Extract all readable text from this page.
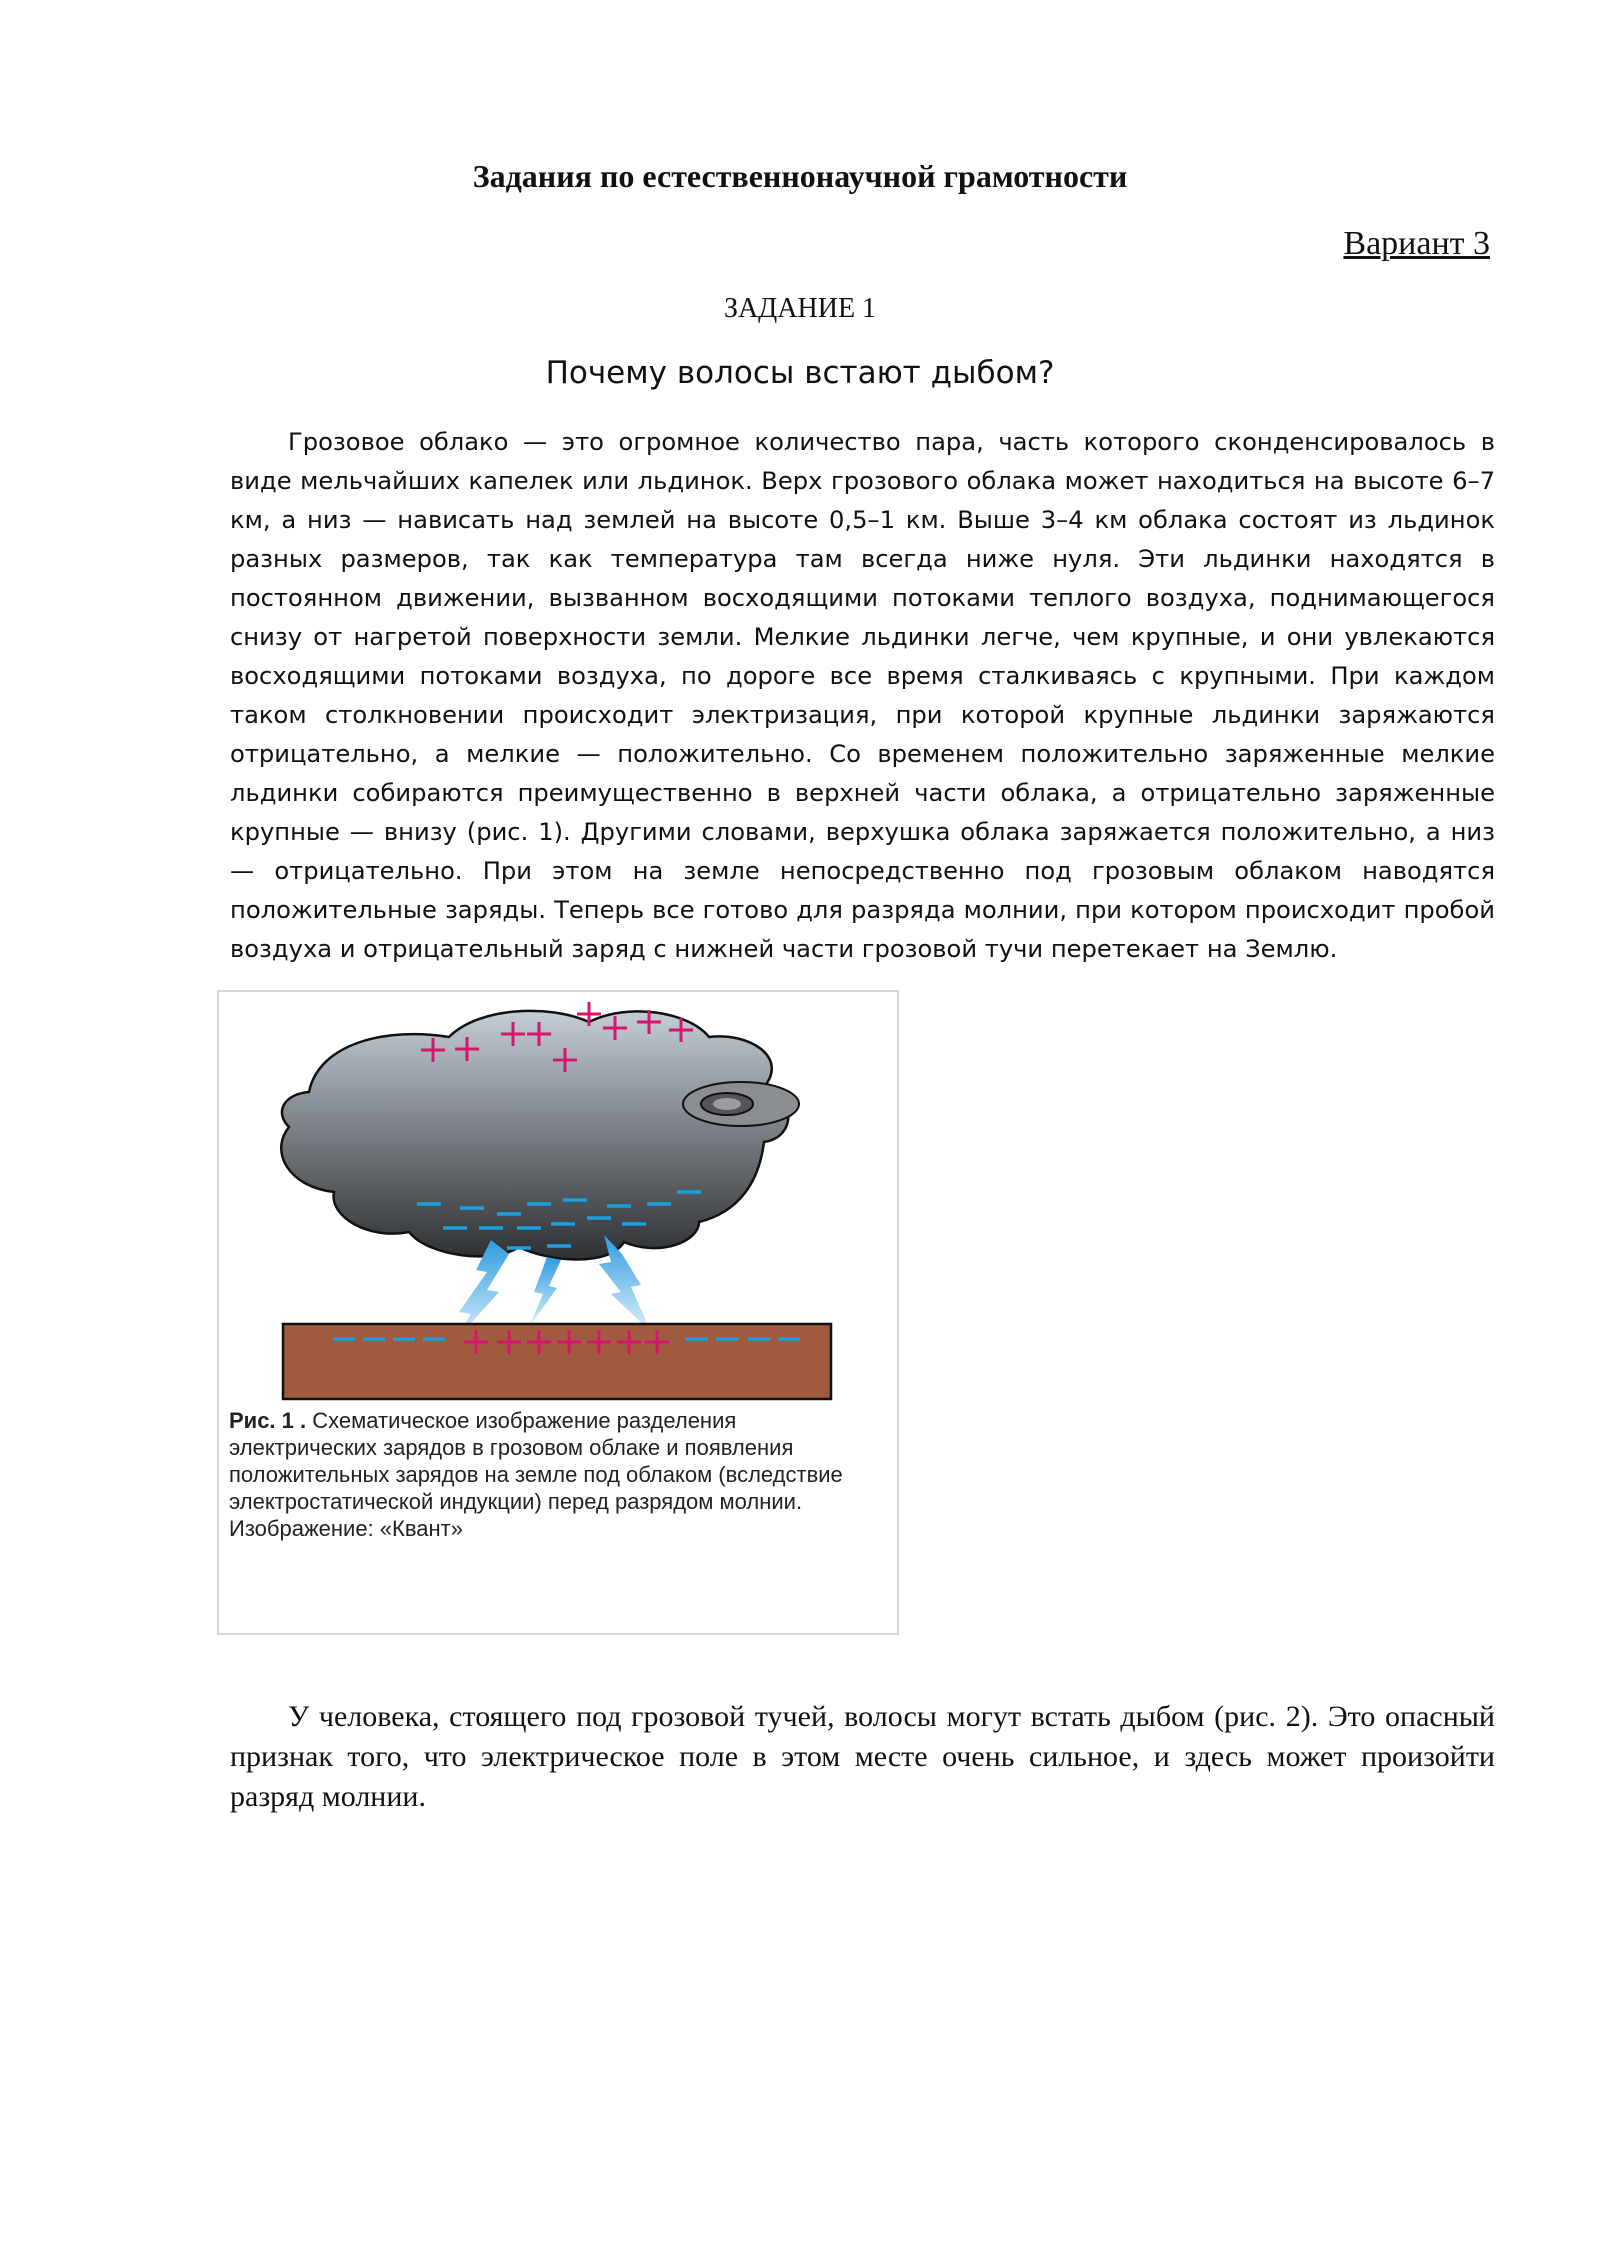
Задания по естественнонаучной грамотности

Вариант 3

ЗАДАНИЕ 1

Почему волосы встают дыбом?

Грозовое облако — это огромное количество пара, часть которого сконденсировалось в виде мельчайших капелек или льдинок. Верх грозового облака может находиться на высоте 6–7 км, а низ — нависать над землей на высоте 0,5–1 км. Выше 3–4 км облака состоят из льдинок разных размеров, так как температура там всегда ниже нуля. Эти льдинки находятся в постоянном движении, вызванном восходящими потоками теплого воздуха, поднимающегося снизу от нагретой поверхности земли. Мелкие льдинки легче, чем крупные, и они увлекаются восходящими потоками воздуха, по дороге все время сталкиваясь с крупными. При каждом таком столкновении происходит электризация, при которой крупные льдинки заряжаются отрицательно, а мелкие — положительно. Со временем положительно заряженные мелкие льдинки собираются преимущественно в верхней части облака, а отрицательно заряженные крупные — внизу (рис. 1). Другими словами, верхушка облака заряжается положительно, а низ — отрицательно. При этом на земле непосредственно под грозовым облаком наводятся положительные заряды. Теперь все готово для разряда молнии, при котором происходит пробой воздуха и отрицательный заряд с нижней части грозовой тучи перетекает на Землю.

Рис. 1 . Схематическое изображение разделения электрических зарядов в грозовом облаке и появления положительных зарядов на земле под облаком (вследствие электростатической индукции) перед разрядом молнии. Изображение: «Квант»

У человека, стоящего под грозовой тучей, волосы могут встать дыбом (рис. 2). Это опасный признак того, что электрическое поле в этом месте очень сильное, и здесь может произойти разряд молнии.
